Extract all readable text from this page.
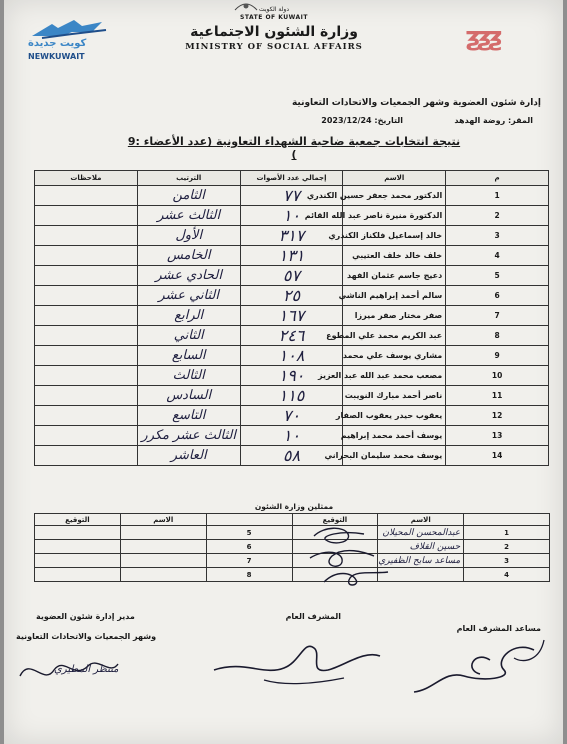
ƺƺƺ
دولة الكويت
STATE OF KUWAIT
وزارة الشئون الاجتماعية
MINISTRY OF SOCIAL AFFAIRS
كويت جديدة
NEWKUWAIT
إدارة شئون العضوية وشهر الجمعيات والاتحادات التعاونية
المقر: روضة الهدهد
التاريخ: 2023/12/24
نتيجة انتخابات جمعية ضاحية الشهداء التعاونية (عدد الأعضاء :9 )
م	الاسم	إجمالي عدد الأصوات	الترتيب	ملاحظات
1	الدكتور محمد جعفر حسين الكندري	٧٧	الثامن	
2	الدكتورة منيرة ناصر عبد الله القائم	١٠	الثالث عشر	
3	خالد إسماعيل فلكناز الكندري	٣١٧	الأول	
4	خلف خالد خلف العتيبي	١٣١	الخامس	
5	دعيج جاسم عثمان الفهد	٥٧	الحادي عشر	
6	سالم أحمد إبراهيم الناشي	٢٥	الثاني عشر	
7	صفر مختار صفر ميرزا	١٦٧	الرابع	
8	عبد الكريم محمد علي المطوع	٢٤٦	الثاني	
9	مشاري يوسف علي محمد	١٠٨	السابع	
10	مصعب محمد عبد الله عبد العزيز	١٩٠	الثالث	
11	ناصر أحمد مبارك النويبت	١١٥	السادس	
12	يعقوب حيدر يعقوب الصفار	٧٠	التاسع	
13	يوسف أحمد محمد إبراهيم	١٠	الثالث عشر مكرر	
14	يوسف محمد سليمان البحراني	٥٨	العاشر	
ممثلين وزارة الشئون
	الاسم	التوقيع		الاسم	التوقيع
1	عبدالمحسن المحيلان		5		
2	حسين القلاف		6		
3	مساعد سابح الظفيري		7		
4			8		
مساعد المشرف العام
المشرف العام
مدير إدارة شئون العضوية
وشهر الجمعيات والاتحادات التعاونية
منتظر المطيري
